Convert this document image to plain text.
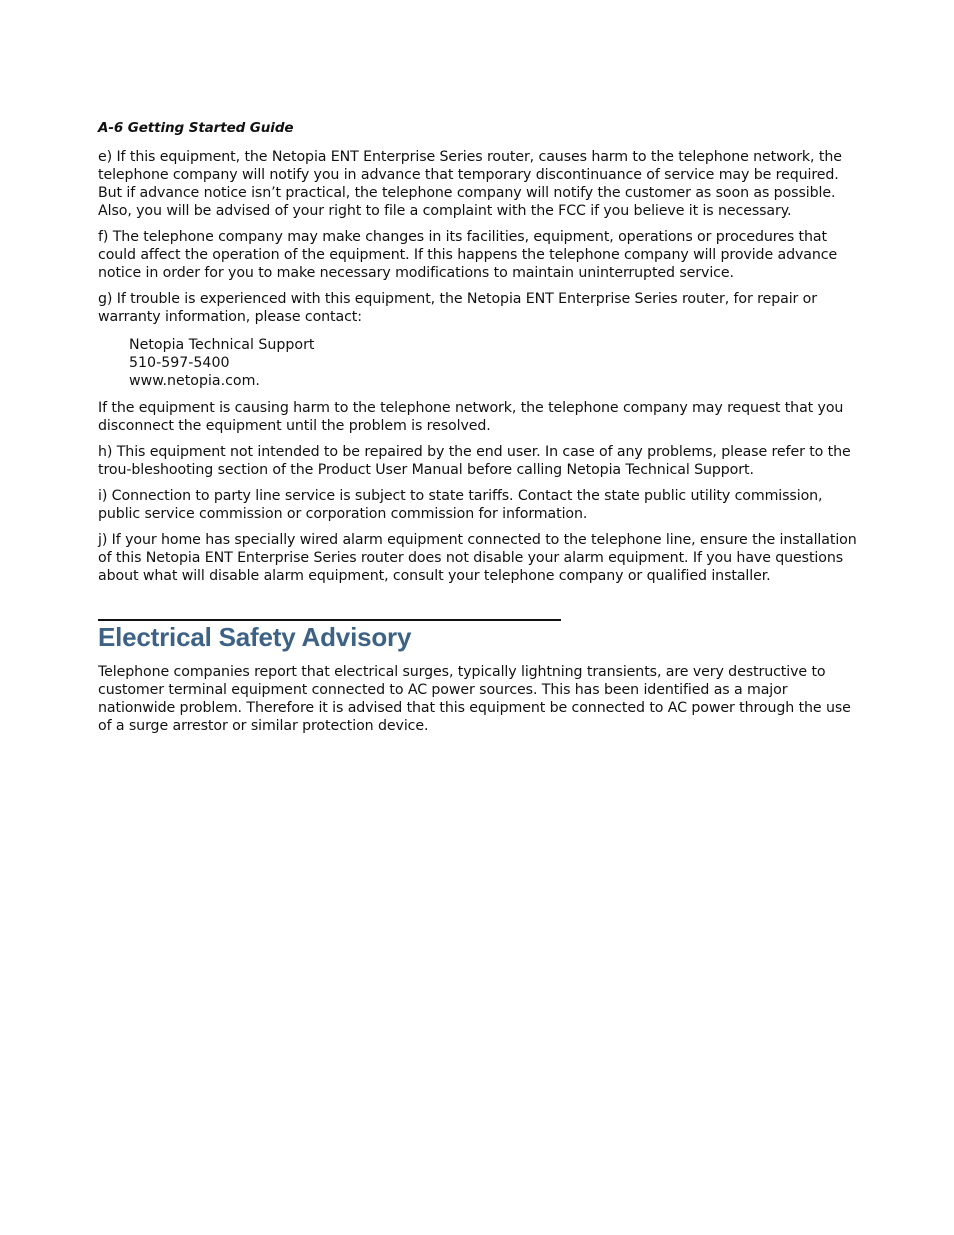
A-6 Getting Started Guide

e) If this equipment, the Netopia ENT Enterprise Series router, causes harm to the telephone network, the telephone company will notify you in advance that temporary discontinuance of service may be required. But if advance notice isn’t practical, the telephone company will notify the customer as soon as possible. Also, you will be advised of your right to file a complaint with the FCC if you believe it is necessary.

f) The telephone company may make changes in its facilities, equipment, operations or procedures that could affect the operation of the equipment. If this happens the telephone company will provide advance notice in order for you to make necessary modifications to maintain uninterrupted service.

g) If trouble is experienced with this equipment, the Netopia ENT Enterprise Series router, for repair or warranty information, please contact:

Netopia Technical Support
510-597-5400
www.netopia.com.

If the equipment is causing harm to the telephone network, the telephone company may request that you disconnect the equipment until the problem is resolved.

h) This equipment not intended to be repaired by the end user. In case of any problems, please refer to the trou-bleshooting section of the Product User Manual before calling Netopia Technical Support.

i) Connection to party line service is subject to state tariffs. Contact the state public utility commission, public service commission or corporation commission for information.

j) If your home has specially wired alarm equipment connected to the telephone line, ensure the installation of this Netopia ENT Enterprise Series router does not disable your alarm equipment. If you have questions about what will disable alarm equipment, consult your telephone company or qualified installer.

Electrical Safety Advisory

Telephone companies report that electrical surges, typically lightning transients, are very destructive to customer terminal equipment connected to AC power sources. This has been identified as a major nationwide problem. Therefore it is advised that this equipment be connected to AC power through the use of a surge arrestor or similar protection device.
